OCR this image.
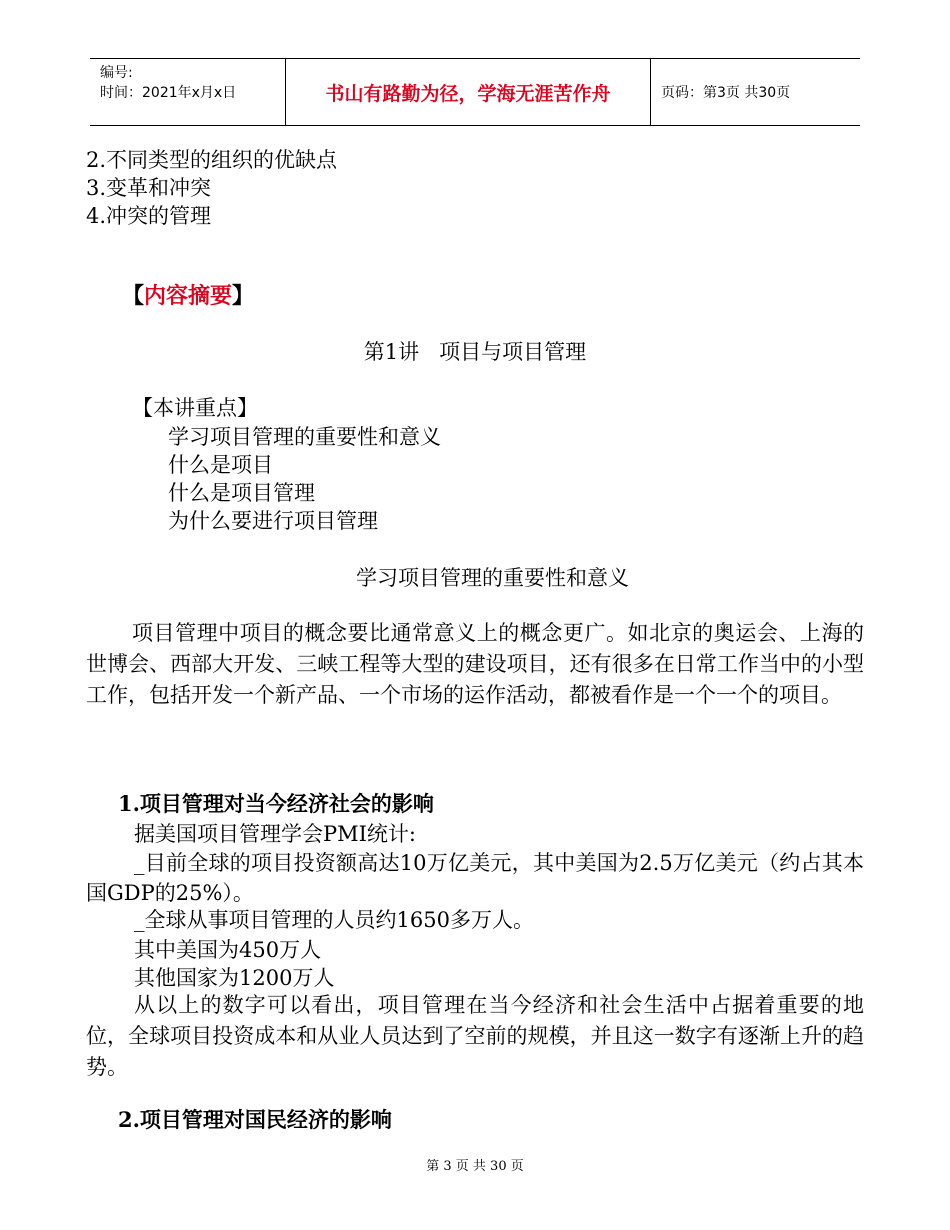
编号:
时间：2021年x月x日	书山有路勤为径，学海无涯苦作舟	页码：第3页 共30页
2.不同类型的组织的优缺点
3.变革和冲突
4.冲突的管理
【内容摘要】
第1讲   项目与项目管理
【本讲重点】
学习项目管理的重要性和意义
什么是项目
什么是项目管理
为什么要进行项目管理
学习项目管理的重要性和意义
项目管理中项目的概念要比通常意义上的概念更广。如北京的奥运会、上海的世博会、西部大开发、三峡工程等大型的建设项目，还有很多在日常工作当中的小型工作，包括开发一个新产品、一个市场的运作活动，都被看作是一个一个的项目。
1.项目管理对当今经济社会的影响
据美国项目管理学会PMI统计:
_目前全球的项目投资额高达10万亿美元，其中美国为2.5万亿美元（约占其本国GDP的25%）。
_全球从事项目管理的人员约1650多万人。
其中美国为450万人
其他国家为1200万人
从以上的数字可以看出，项目管理在当今经济和社会生活中占据着重要的地位，全球项目投资成本和从业人员达到了空前的规模，并且这一数字有逐渐上升的趋势。
2.项目管理对国民经济的影响
第 3 页 共 30 页
